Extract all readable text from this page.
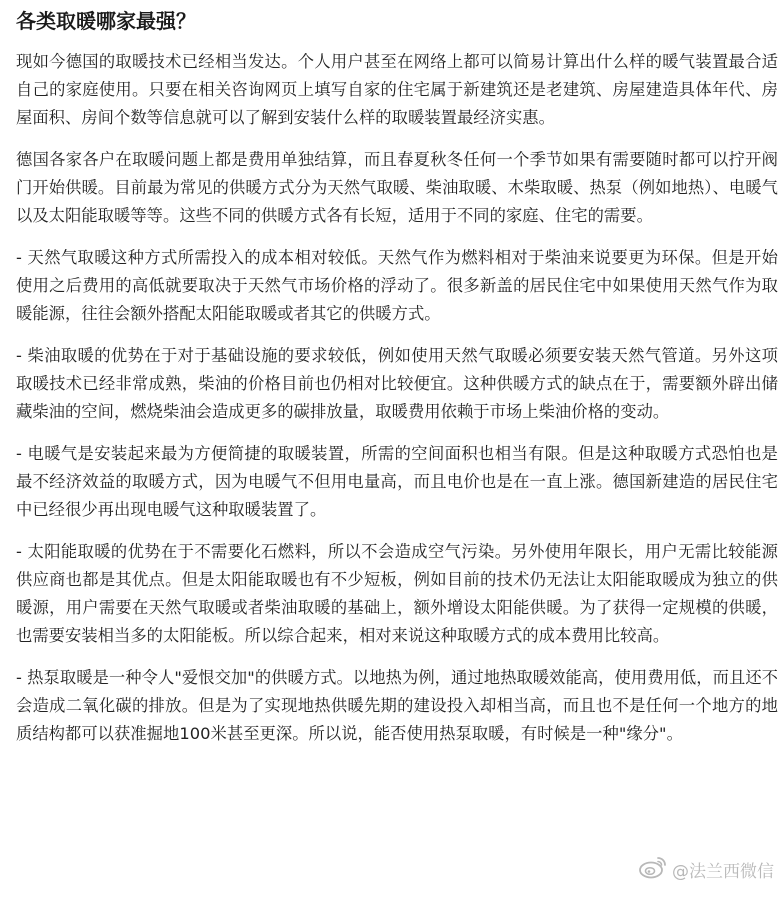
各类取暖哪家最强？

现如今德国的取暖技术已经相当发达。个人用户甚至在网络上都可以简易计算出什么样的暖气装置最合适自己的家庭使用。只要在相关咨询网页上填写自家的住宅属于新建筑还是老建筑、房屋建造具体年代、房屋面积、房间个数等信息就可以了解到安装什么样的取暖装置最经济实惠。

德国各家各户在取暖问题上都是费用单独结算，而且春夏秋冬任何一个季节如果有需要随时都可以拧开阀门开始供暖。目前最为常见的供暖方式分为天然气取暖、柴油取暖、木柴取暖、热泵（例如地热）、电暖气以及太阳能取暖等等。这些不同的供暖方式各有长短，适用于不同的家庭、住宅的需要。

- 天然气取暖这种方式所需投入的成本相对较低。天然气作为燃料相对于柴油来说要更为环保。但是开始使用之后费用的高低就要取决于天然气市场价格的浮动了。很多新盖的居民住宅中如果使用天然气作为取暖能源，往往会额外搭配太阳能取暖或者其它的供暖方式。

- 柴油取暖的优势在于对于基础设施的要求较低，例如使用天然气取暖必须要安装天然气管道。另外这项取暖技术已经非常成熟，柴油的价格目前也仍相对比较便宜。这种供暖方式的缺点在于，需要额外辟出储藏柴油的空间，燃烧柴油会造成更多的碳排放量，取暖费用依赖于市场上柴油价格的变动。

- 电暖气是安装起来最为方便简捷的取暖装置，所需的空间面积也相当有限。但是这种取暖方式恐怕也是最不经济效益的取暖方式，因为电暖气不但用电量高，而且电价也是在一直上涨。德国新建造的居民住宅中已经很少再出现电暖气这种取暖装置了。

- 太阳能取暖的优势在于不需要化石燃料，所以不会造成空气污染。另外使用年限长，用户无需比较能源供应商也都是其优点。但是太阳能取暖也有不少短板，例如目前的技术仍无法让太阳能取暖成为独立的供暖源，用户需要在天然气取暖或者柴油取暖的基础上，额外增设太阳能供暖。为了获得一定规模的供暖，也需要安装相当多的太阳能板。所以综合起来，相对来说这种取暖方式的成本费用比较高。

- 热泵取暖是一种令人"爱恨交加"的供暖方式。以地热为例，通过地热取暖效能高，使用费用低，而且还不会造成二氧化碳的排放。但是为了实现地热供暖先期的建设投入却相当高，而且也不是任何一个地方的地质结构都可以获准掘地100米甚至更深。所以说，能否使用热泵取暖，有时候是一种"缘分"。

@法兰西微信
